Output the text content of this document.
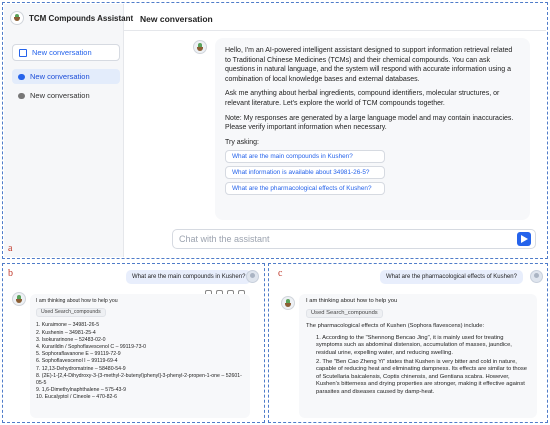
TCM Compounds Assistant
New conversation
New conversation
New conversation
New conversation

Hello, I'm an AI-powered intelligent assistant designed to support information retrieval related to Traditional Chinese Medicines (TCMs) and their chemical compounds. You can ask questions in natural language, and the system will respond with accurate information using a combination of local knowledge bases and external databases.

Ask me anything about herbal ingredients, compound identifiers, molecular structures, or relevant literature. Let's explore the world of TCM compounds together.

Note: My responses are generated by a large language model and may contain inaccuracies. Please verify important information when necessary.

Try asking:
What are the main compounds in Kushen?
What information is available about 34981-26-5?
What are the pharmacological effects of Kushen?
Chat with the assistant
a
b	What are the main compounds in Kushen?
I am thinking about how to help you
Used Search_compounds
1. Kuraimone – 34981-26-5
2. Kushenin – 34981-25-4
3. Isokurarinone – 52483-02-0
4. Kurarildin / Sophoflavescenol C – 99119-73-0
5. Sophoraflavanone E – 99119-72-9
6. Sophoflavescenol I – 99119-69-4
7. 12,13-Dehydromatrine – 58480-54-9
8. (2E)-1-[2,4-Dihydroxy-3-(3-methyl-2-butenyl)phenyl]-3-phenyl-2-propen-1-one – 52601-05-5
9. 1,6-Dimethylnaphthalene – 575-43-9
10. Eucalyptol / Cineole – 470-82-6
c	What are the pharmacological effects of Kushen?
I am thinking about how to help you
Used Search_compounds
The pharmacological effects of Kushen (Sophora flavescens) include:
1. According to the "Shennong Bencao Jing", it is mainly used for treating symptoms such as abdominal distension, accumulation of masses, jaundice, residual urine, expelling water, and reducing swelling.
2. The "Ben Cao Zheng Yi" states that Kushen is very bitter and cold in nature, capable of reducing heat and eliminating dampness. Its effects are similar to those of Scutellaria baicalensis, Coptis chinensis, and Gentiana scabra. However, Kushen's bitterness and drying properties are stronger, making it effective against parasites and diseases caused by damp-heat.
